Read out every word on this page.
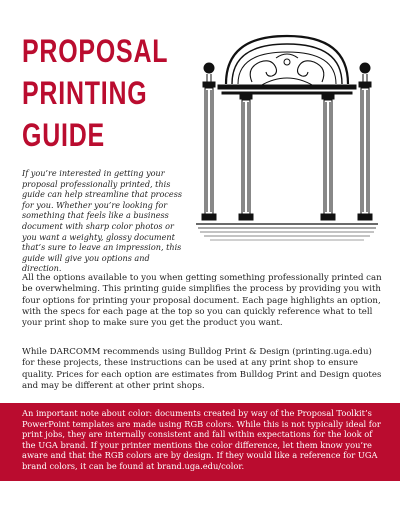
PROPOSAL
PRINTING
GUIDE

If you’re interested in getting your proposal professionally printed, this guide can help streamline that process for you. Whether you’re looking for something that feels like a business document with sharp color photos or you want a weighty, glossy document that’s sure to leave an impression, this guide will give you options and direction.

All the options available to you when getting something professionally printed can be overwhelming. This printing guide simplifies the process by providing you with four options for printing your proposal document. Each page highlights an option, with the specs for each page at the top so you can quickly reference what to tell your print shop to make sure you get the product you want.

While DARCOMM recommends using Bulldog Print & Design (printing.uga.edu) for these projects, these instructions can be used at any print shop to ensure quality. Prices for each option are estimates from Bulldog Print and Design quotes and may be different at other print shops.

An important note about color: documents created by way of the Proposal Toolkit’s PowerPoint templates are made using RGB colors. While this is not typically ideal for print jobs, they are internally consistent and fall within expectations for the look of the UGA brand. If your printer mentions the color difference, let them know you’re aware and that the RGB colors are by design. If they would like a reference for UGA brand colors, it can be found at brand.uga.edu/color.
